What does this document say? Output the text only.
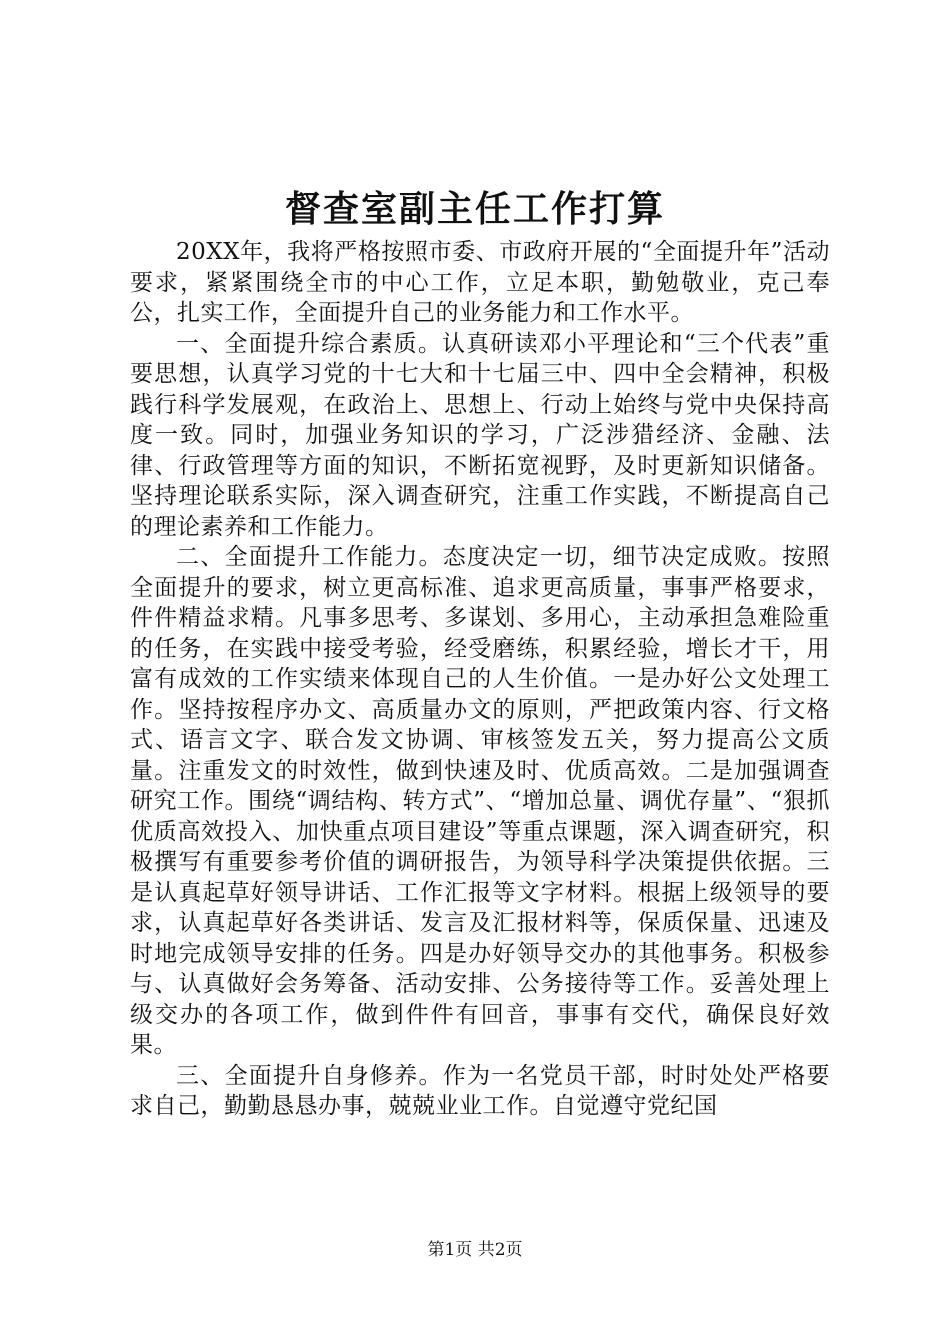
督查室副主任工作打算

20XX年，我将严格按照市委、市政府开展的“全面提升年”活动要求，紧紧围绕全市的中心工作，立足本职，勤勉敬业，克己奉公，扎实工作，全面提升自己的业务能力和工作水平。

一、全面提升综合素质。认真研读邓小平理论和“三个代表”重要思想，认真学习党的十七大和十七届三中、四中全会精神，积极践行科学发展观，在政治上、思想上、行动上始终与党中央保持高度一致。同时，加强业务知识的学习，广泛涉猎经济、金融、法律、行政管理等方面的知识，不断拓宽视野，及时更新知识储备。坚持理论联系实际，深入调查研究，注重工作实践，不断提高自己的理论素养和工作能力。

二、全面提升工作能力。态度决定一切，细节决定成败。按照全面提升的要求，树立更高标准、追求更高质量，事事严格要求，件件精益求精。凡事多思考、多谋划、多用心，主动承担急难险重的任务，在实践中接受考验，经受磨练，积累经验，增长才干，用富有成效的工作实绩来体现自己的人生价值。一是办好公文处理工作。坚持按程序办文、高质量办文的原则，严把政策内容、行文格式、语言文字、联合发文协调、审核签发五关，努力提高公文质量。注重发文的时效性，做到快速及时、优质高效。二是加强调查研究工作。围绕“调结构、转方式”、“增加总量、调优存量”、“狠抓优质高效投入、加快重点项目建设”等重点课题，深入调查研究，积极撰写有重要参考价值的调研报告，为领导科学决策提供依据。三是认真起草好领导讲话、工作汇报等文字材料。根据上级领导的要求，认真起草好各类讲话、发言及汇报材料等，保质保量、迅速及时地完成领导安排的任务。四是办好领导交办的其他事务。积极参与、认真做好会务筹备、活动安排、公务接待等工作。妥善处理上级交办的各项工作，做到件件有回音，事事有交代，确保良好效果。

三、全面提升自身修养。作为一名党员干部，时时处处严格要求自己，勤勤恳恳办事，兢兢业业工作。自觉遵守党纪国

第1页 共2页
